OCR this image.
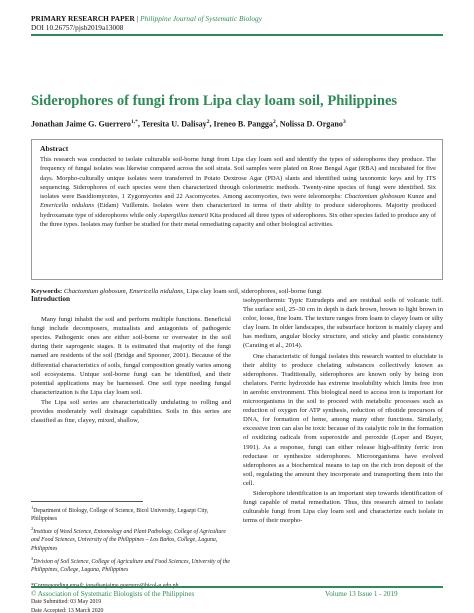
PRIMARY RESEARCH PAPER | Philippine Journal of Systematic Biology
DOI 10.26757/pjsb2019a13008
Siderophores of fungi from Lipa clay loam soil, Philippines
Jonathan Jaime G. Guerrero$^{1,*}$, Teresita U. Dalisay$^2$, Ireneo B. Pangga$^2$, Nolissa D. Organo$^3$
Abstract
This research was conducted to isolate culturable soil-borne fungi from Lipa clay loam soil and identify the types of siderophores they produce. The frequency of fungal isolates was likewise compared across the soil strata. Soil samples were plated on Rose Bengal Agar (RBA) and incubated for five days. Morpho-culturally unique isolates were transferred in Potato Dextrose Agar (PDA) slants and identified using taxonomic keys and by ITS sequencing. Siderophores of each species were then characterized through colorimetric methods. Twenty-nine species of fungi were identified. Six isolates were Basidiomycetes, 1 Zygomycetes and 22 Ascomycetes. Among ascomycetes, two were teleomorphs: Chactomium globosum Kunze and Emericella nidulans (Eidam) Vuillemin. Isolates were then characterized in terms of their ability to produce siderophores. Majority produced hydroxamate type of siderophores while only Aspergillus tamarii Kita produced all three types of siderophores. Six other species failed to produce any of the three types. Isolates may further be studied for their metal remediating capacity and other biological activities.
Keywords: Chactomium globosum, Emericella nidulans, Lipa clay loam soil, siderophores, soil-borne fungi
Introduction

Many fungi inhabit the soil and perform multiple functions. Beneficial fungi include decomposers, mutualists and antagonists of pathogenic species. Pathogenic ones are either soil-borne or overwater in the soil during their saprogenic stages. It is estimated that majority of the fungi named are residents of the soil (Bridge and Spooner, 2001). Because of the differential characteristics of soils, fungal composition greatly varies among soil ecosystems. Unique soil-borne fungi can be identified, and their potential applications may be harnessed. One soil type needing fungal characterization is the Lipa clay loam soil.

The Lipa soil series are characteristically undulating to rolling and provides moderately well drainage capabilities. Soils in this series are classified as fine, clayey, mixed, shallow,

$^1$Department of Biology, College of Science, Bicol University, Legazpi City, Philippines
$^2$Institute of Weed Science, Entomology and Plant Pathology, College of Agriculture and Food Sciences, University of the Philippines – Los Baños, College, Laguna, Philippines
$^3$Division of Soil Science, College of Agriculture and Food Sciences, University of the Philippines, College, Laguna, Philippines
Date Submitted: 03 May 2019
Date Accepted: 13 March 2020

isohyperthermic Typic Eutrudepts and are residual soils of volcanic tuff. The surface soil, 25–30 cm in depth is dark brown, brown to light brown in color, loose, fine loam. The texture ranges from loam to clayey loam or silty clay loam. In older landscapes, the subsurface horizon is mainly clayey and has medium, angular blocky structure, and sticky and plastic consistency (Carating et al., 2014).

One characteristic of fungal isolates this research wanted to elucidate is their ability to produce chelating substances collectively known as siderophores. Traditionally, siderophores are known only by being iron chelators. Ferric hydroxide has extreme insolubility which limits free iron in aerobic environment. This biological need to access iron is important for microorganisms in the soil to proceed with metabolic processes such as reduction of oxygen for ATP synthesis, reduction of ribotide precursors of DNA, for formation of heme, among many other functions. Similarly, excessive iron can also be toxic because of its catalytic role in the formation of oxidizing radicals from superoxide and peroxide (Loper and Buyer, 1991). As a response, fungi can either release high-affinity ferric iron reductase or synthesize siderophores. Microorganisms have evolved siderophores as a biochemical means to tap on the rich iron deposit of the soil, regulating the amount they incorporate and transporting them into the cell.

Siderophore identification is an important step towards identification of fungi capable of metal remediation. Thus, this research aimed to isolate culturable fungi from Lipa clay loam soil and characterize each isolate in terms of their morpho-

© Association of Systematic Biologists of the Philippines	Volume 13 Issue 1 - 2019
